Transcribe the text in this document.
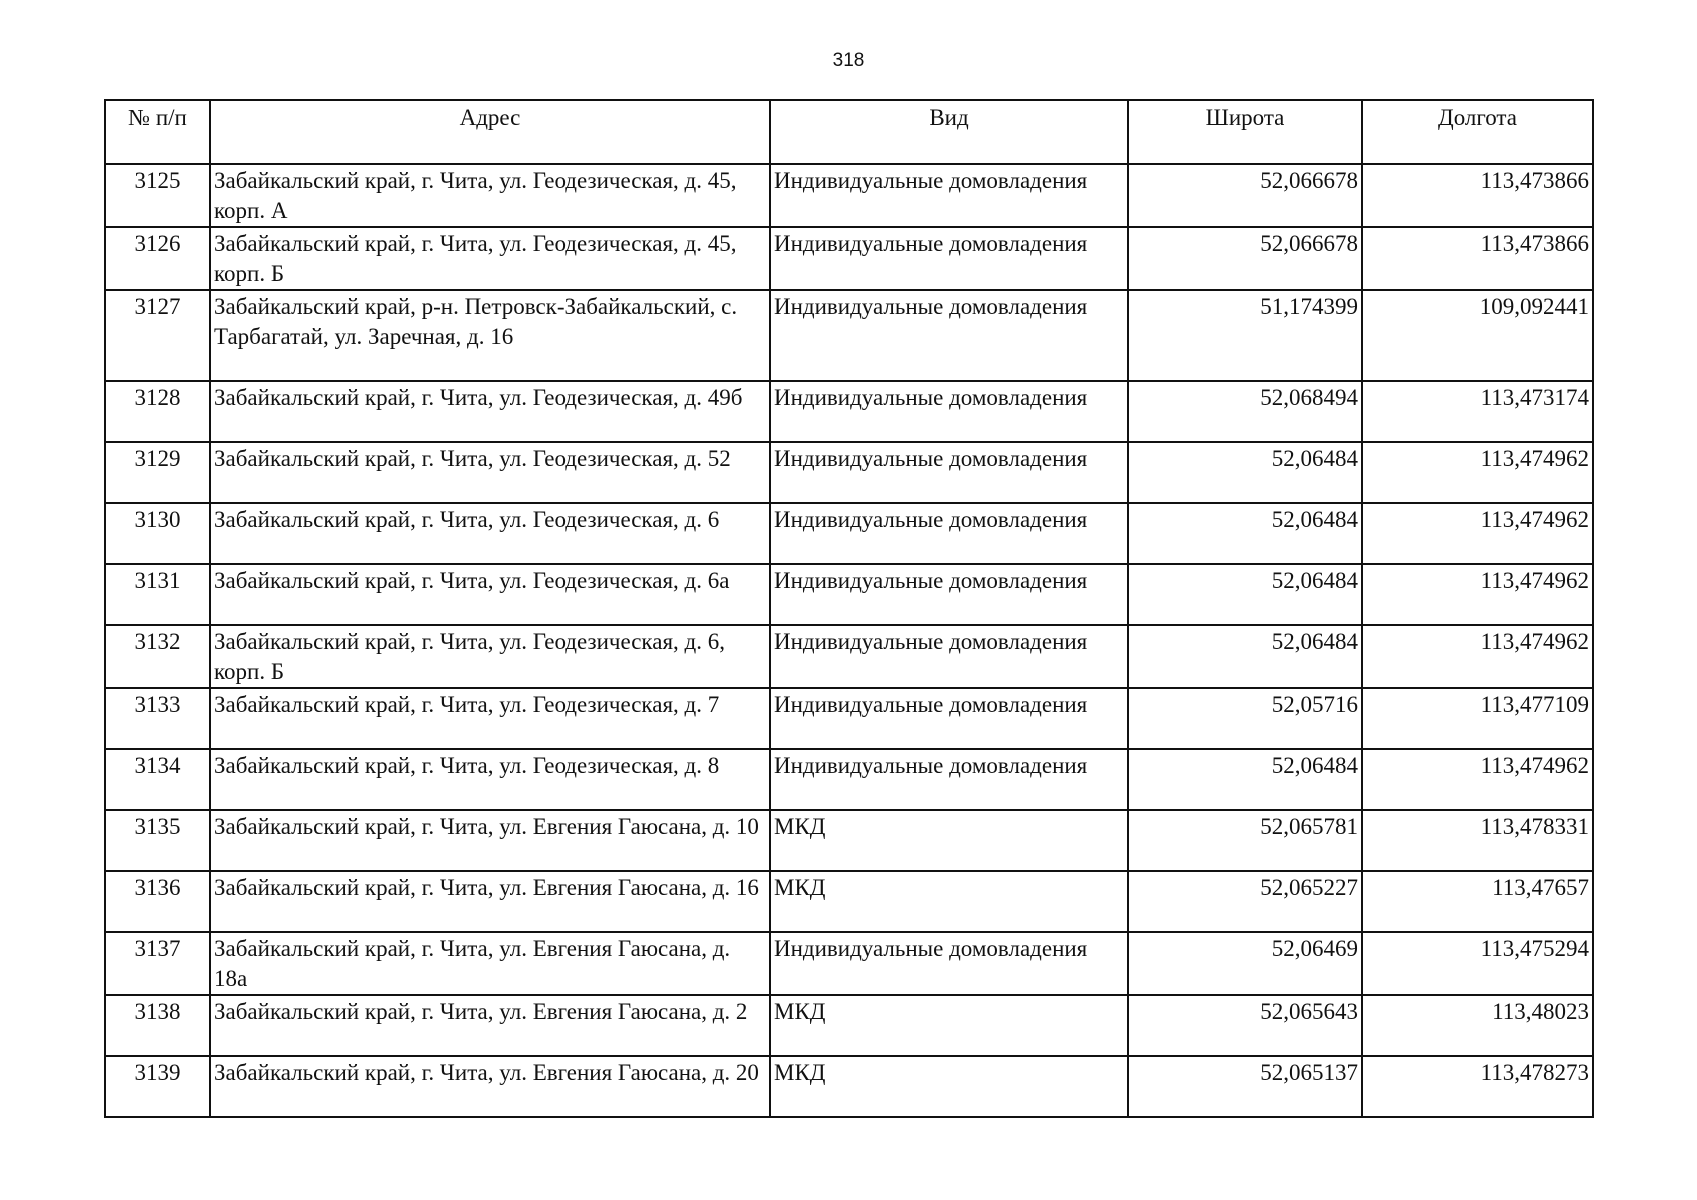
318
№ п/п	Адрес	Вид	Широта	Долгота
3125	Забайкальский край, г. Чита, ул. Геодезическая, д. 45, корп. А	Индивидуальные домовладения	52,066678	113,473866
3126	Забайкальский край, г. Чита, ул. Геодезическая, д. 45, корп. Б	Индивидуальные домовладения	52,066678	113,473866
3127	Забайкальский край, р-н. Петровск-Забайкальский, с. Тарбагатай, ул. Заречная, д. 16	Индивидуальные домовладения	51,174399	109,092441
3128	Забайкальский край, г. Чита, ул. Геодезическая, д. 49б	Индивидуальные домовладения	52,068494	113,473174
3129	Забайкальский край, г. Чита, ул. Геодезическая, д. 52	Индивидуальные домовладения	52,06484	113,474962
3130	Забайкальский край, г. Чита, ул. Геодезическая, д. 6	Индивидуальные домовладения	52,06484	113,474962
3131	Забайкальский край, г. Чита, ул. Геодезическая, д. 6а	Индивидуальные домовладения	52,06484	113,474962
3132	Забайкальский край, г. Чита, ул. Геодезическая, д. 6, корп. Б	Индивидуальные домовладения	52,06484	113,474962
3133	Забайкальский край, г. Чита, ул. Геодезическая, д. 7	Индивидуальные домовладения	52,05716	113,477109
3134	Забайкальский край, г. Чита, ул. Геодезическая, д. 8	Индивидуальные домовладения	52,06484	113,474962
3135	Забайкальский край, г. Чита, ул. Евгения Гаюсана, д. 10	МКД	52,065781	113,478331
3136	Забайкальский край, г. Чита, ул. Евгения Гаюсана, д. 16	МКД	52,065227	113,47657
3137	Забайкальский край, г. Чита, ул. Евгения Гаюсана, д. 18а	Индивидуальные домовладения	52,06469	113,475294
3138	Забайкальский край, г. Чита, ул. Евгения Гаюсана, д. 2	МКД	52,065643	113,48023
3139	Забайкальский край, г. Чита, ул. Евгения Гаюсана, д. 20	МКД	52,065137	113,478273
